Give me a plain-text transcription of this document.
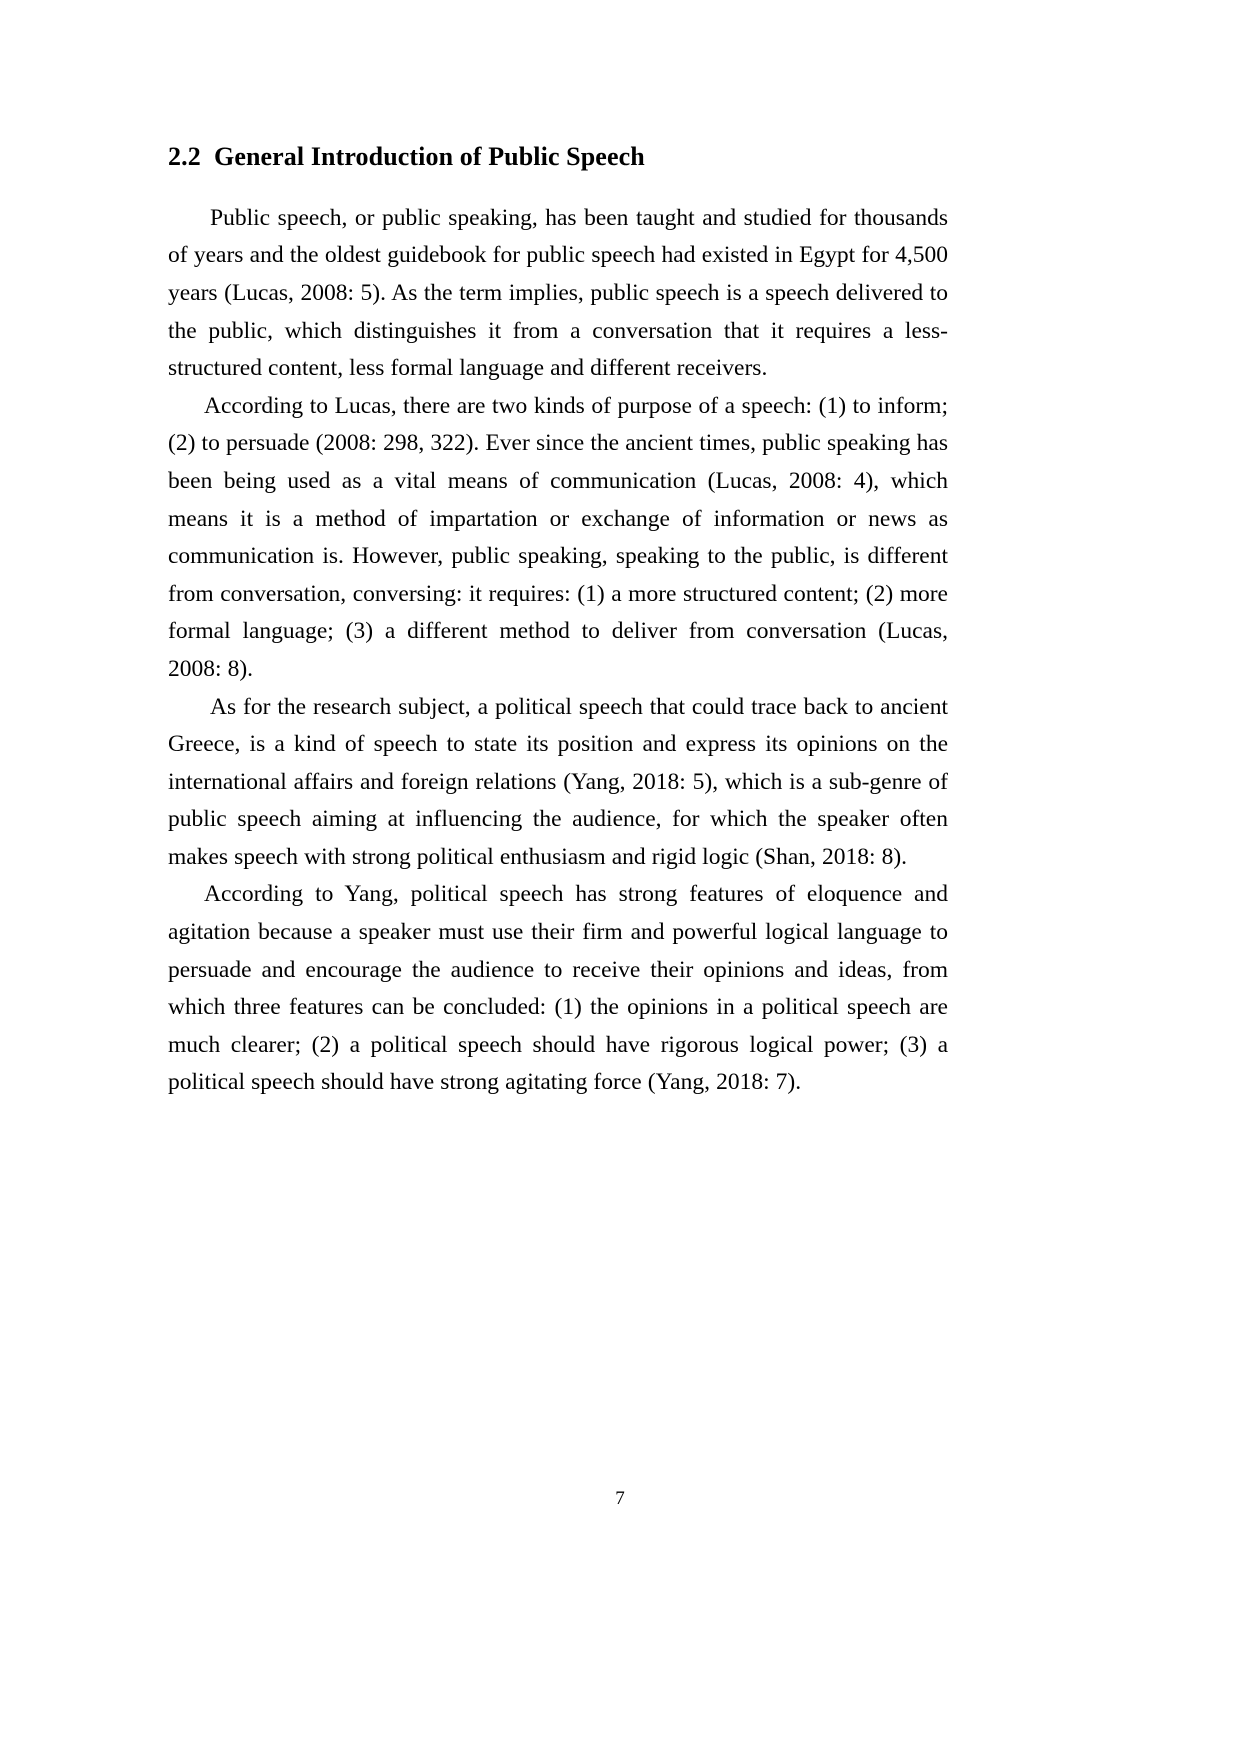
2.2  General Introduction of Public Speech

Public speech, or public speaking, has been taught and studied for thousands of years and the oldest guidebook for public speech had existed in Egypt for 4,500 years (Lucas, 2008: 5). As the term implies, public speech is a speech delivered to the public, which distinguishes it from a conversation that it requires a less-structured content, less formal language and different receivers.

According to Lucas, there are two kinds of purpose of a speech: (1) to inform; (2) to persuade (2008: 298, 322). Ever since the ancient times, public speaking has been being used as a vital means of communication (Lucas, 2008: 4), which means it is a method of impartation or exchange of information or news as communication is. However, public speaking, speaking to the public, is different from conversation, conversing: it requires: (1) a more structured content; (2) more formal language; (3) a different method to deliver from conversation (Lucas, 2008: 8).

As for the research subject, a political speech that could trace back to ancient Greece, is a kind of speech to state its position and express its opinions on the international affairs and foreign relations (Yang, 2018: 5), which is a sub-genre of public speech aiming at influencing the audience, for which the speaker often makes speech with strong political enthusiasm and rigid logic (Shan, 2018: 8).

According to Yang, political speech has strong features of eloquence and agitation because a speaker must use their firm and powerful logical language to persuade and encourage the audience to receive their opinions and ideas, from which three features can be concluded: (1) the opinions in a political speech are much clearer; (2) a political speech should have rigorous logical power; (3) a political speech should have strong agitating force (Yang, 2018: 7).

7
